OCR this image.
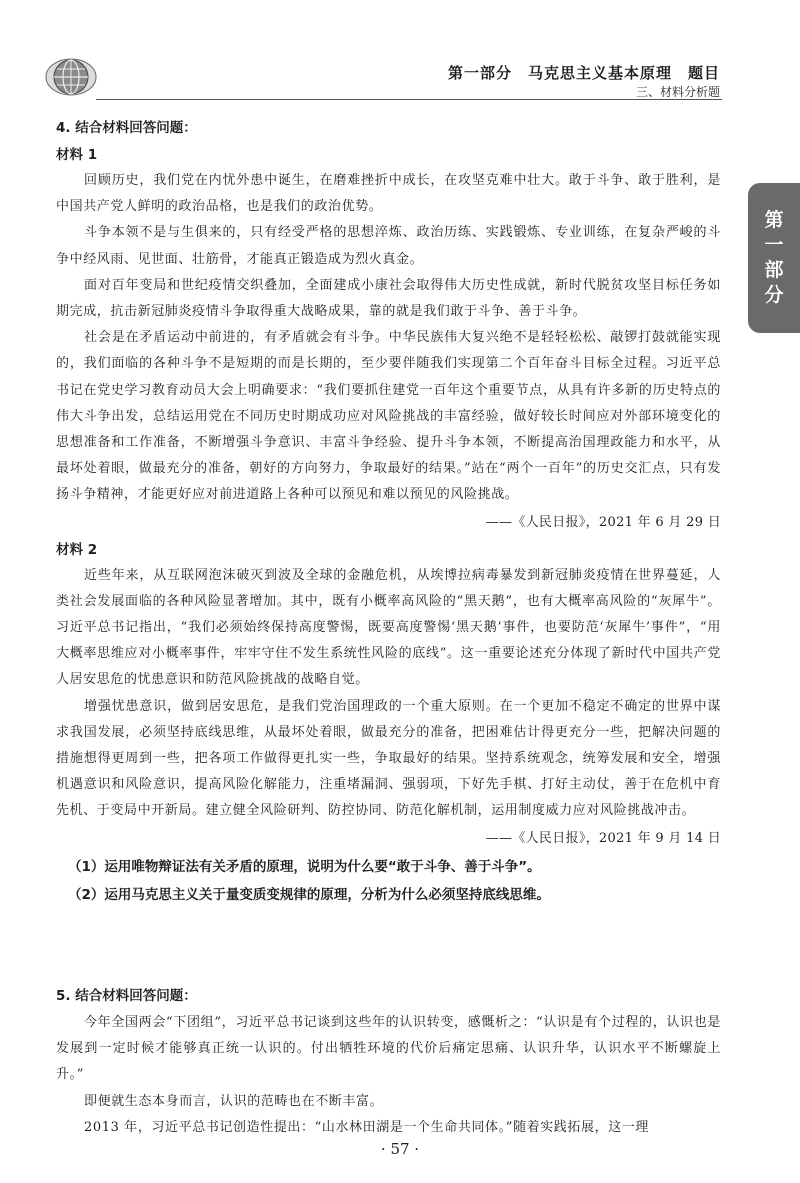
第一部分　马克思主义基本原理　题目
三、材料分析题
第
一
部
分
4. 结合材料回答问题：
材料 1

回顾历史，我们党在内忧外患中诞生，在磨难挫折中成长，在攻坚克难中壮大。敢于斗争、敢于胜利，是中国共产党人鲜明的政治品格，也是我们的政治优势。

斗争本领不是与生俱来的，只有经受严格的思想淬炼、政治历练、实践锻炼、专业训练，在复杂严峻的斗争中经风雨、见世面、壮筋骨，才能真正锻造成为烈火真金。

面对百年变局和世纪疫情交织叠加，全面建成小康社会取得伟大历史性成就，新时代脱贫攻坚目标任务如期完成，抗击新冠肺炎疫情斗争取得重大战略成果，靠的就是我们敢于斗争、善于斗争。

社会是在矛盾运动中前进的，有矛盾就会有斗争。中华民族伟大复兴绝不是轻轻松松、敲锣打鼓就能实现的，我们面临的各种斗争不是短期的而是长期的，至少要伴随我们实现第二个百年奋斗目标全过程。习近平总书记在党史学习教育动员大会上明确要求：“我们要抓住建党一百年这个重要节点，从具有许多新的历史特点的伟大斗争出发，总结运用党在不同历史时期成功应对风险挑战的丰富经验，做好较长时间应对外部环境变化的思想准备和工作准备，不断增强斗争意识、丰富斗争经验、提升斗争本领，不断提高治国理政能力和水平，从最坏处着眼，做最充分的准备，朝好的方向努力，争取最好的结果。”站在“两个一百年”的历史交汇点，只有发扬斗争精神，才能更好应对前进道路上各种可以预见和难以预见的风险挑战。

——《人民日报》，2021 年 6 月 29 日
材料 2

近些年来，从互联网泡沫破灭到波及全球的金融危机，从埃博拉病毒暴发到新冠肺炎疫情在世界蔓延，人类社会发展面临的各种风险显著增加。其中，既有小概率高风险的“黑天鹅”，也有大概率高风险的“灰犀牛”。习近平总书记指出，“我们必须始终保持高度警惕，既要高度警惕‘黑天鹅’事件，也要防范‘灰犀牛’事件”，“用大概率思维应对小概率事件，牢牢守住不发生系统性风险的底线”。这一重要论述充分体现了新时代中国共产党人居安思危的忧患意识和防范风险挑战的战略自觉。

增强忧患意识，做到居安思危，是我们党治国理政的一个重大原则。在一个更加不稳定不确定的世界中谋求我国发展，必须坚持底线思维，从最坏处着眼，做最充分的准备，把困难估计得更充分一些，把解决问题的措施想得更周到一些，把各项工作做得更扎实一些，争取最好的结果。坚持系统观念，统筹发展和安全，增强机遇意识和风险意识，提高风险化解能力，注重堵漏洞、强弱项，下好先手棋、打好主动仗，善于在危机中育先机、于变局中开新局。建立健全风险研判、防控协同、防范化解机制，运用制度威力应对风险挑战冲击。

——《人民日报》，2021 年 9 月 14 日
（1）运用唯物辩证法有关矛盾的原理，说明为什么要“敢于斗争、善于斗争”。
（2）运用马克思主义关于量变质变规律的原理，分析为什么必须坚持底线思维。
5. 结合材料回答问题：

今年全国两会“下团组”，习近平总书记谈到这些年的认识转变，感慨析之：“认识是有个过程的，认识也是发展到一定时候才能够真正统一认识的。付出牺牲环境的代价后痛定思痛、认识升华，认识水平不断螺旋上升。”

即便就生态本身而言，认识的范畴也在不断丰富。

2013 年，习近平总书记创造性提出：“山水林田湖是一个生命共同体。”随着实践拓展，这一理

· 57 ·
